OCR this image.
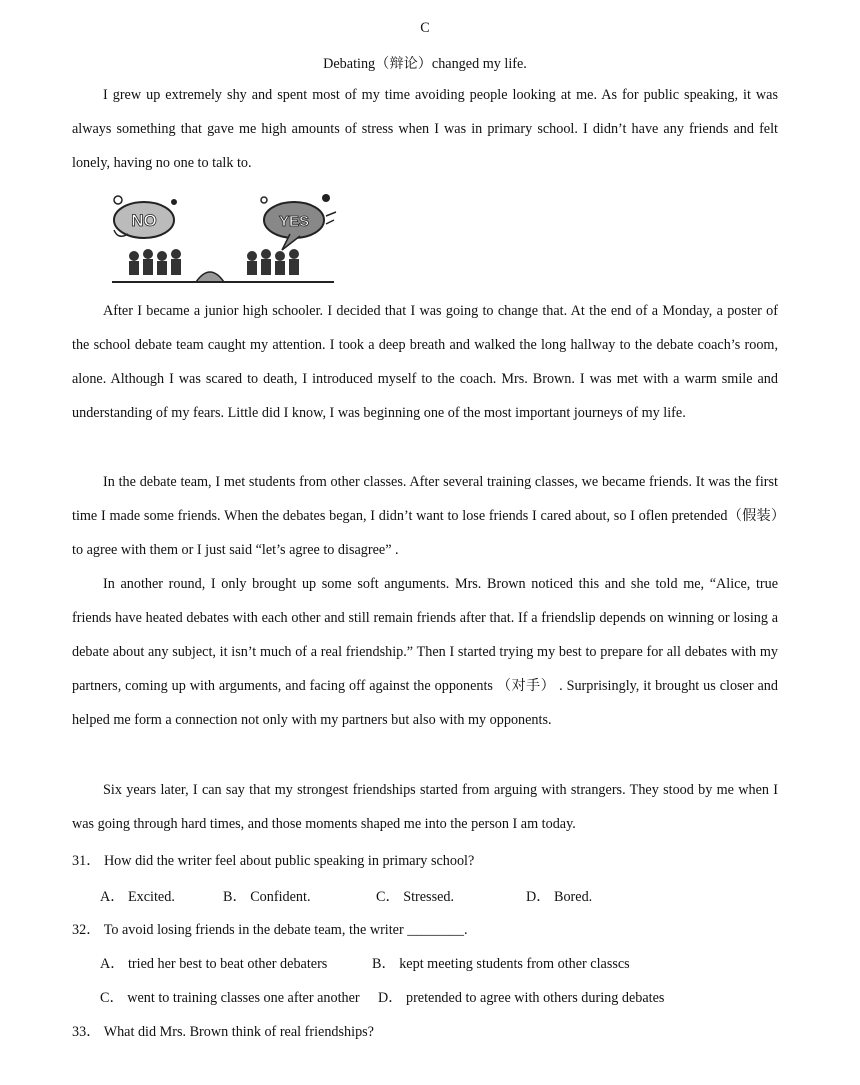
C
Debating（辩论）changed my life.

I grew up extremely shy and spent most of my time avoiding people looking at me. As for public speaking, it was always something that gave me high amounts of stress when I was in primary school. I didn’t have any friends and felt lonely, having no one to talk to.

NO	YES

After I became a junior high schooler. I decided that I was going to change that. At the end of a Monday, a poster of the school debate team caught my attention. I took a deep breath and walked the long hallway to the debate coach’s room, alone. Although I was scared to death, I introduced myself to the coach. Mrs. Brown. I was met with a warm smile and understanding of my fears. Little did I know, I was beginning one of the most important journeys of my life.

In the debate team, I met students from other classes. After several training classes, we became friends. It was the first time I made some friends. When the debates began, I didn’t want to lose friends I cared about, so I oflen pretended（假装）to agree with them or I just said “let’s agree to disagree” .

In another round, I only brought up some soft anguments. Mrs. Brown noticed this and she told me, “Alice, true friends have heated debates with each other and still remain friends after that. If a friendslip depends on winning or losing a debate about any subject, it isn’t much of a real friendship.” Then I started trying my best to prepare for all debates with my partners, coming up with arguments, and facing off against the opponents （对手） . Surprisingly, it brought us closer and helped me form a connection not only with my partners but also with my opponents.

Six years later, I can say that my strongest friendships started from arguing with strangers. They stood by me when I was going through hard times, and those moments shaped me into the person I am today.

31． How did the writer feel about public speaking in primary school?
A． Excited.	B． Confident.	C． Stressed.	D． Bored.
32． To avoid losing friends in the debate team, the writer ________.
A． tried her best to beat other debaters	B． kept meeting students from other classcs
C． went to training classes one after another D． pretended to agree with others during debates
33． What did Mrs. Brown think of real friendships?
